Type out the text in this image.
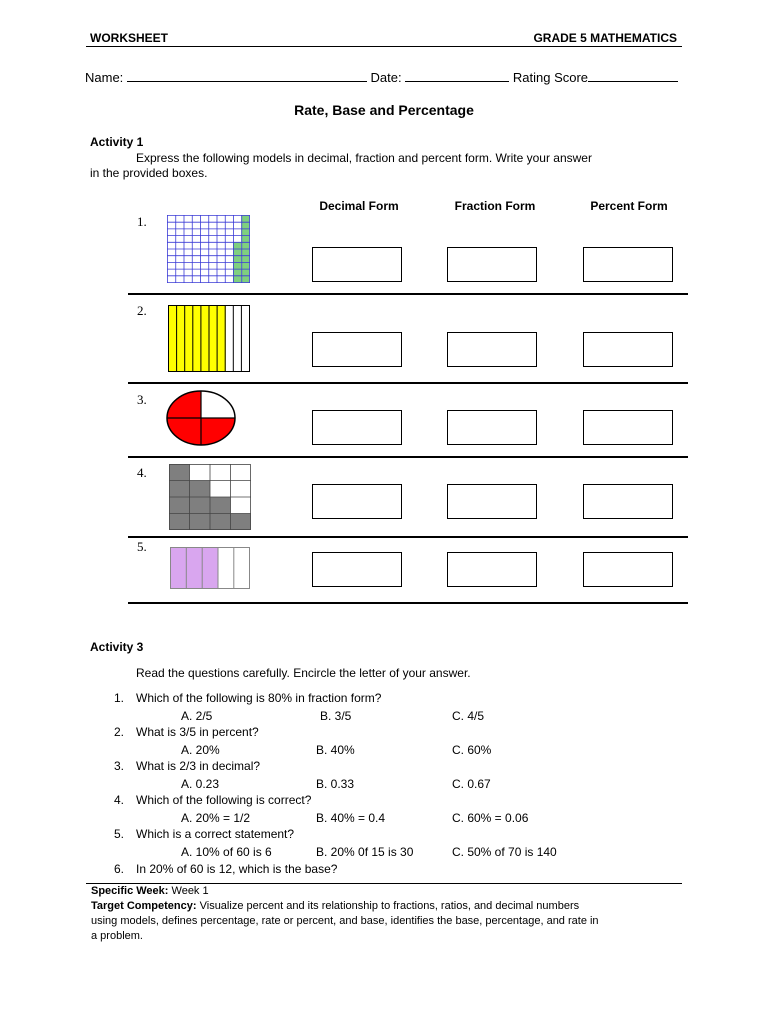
WORKSHEET	GRADE 5 MATHEMATICS
Name:	Date:	Rating Score
Rate, Base and Percentage
Activity 1
Express the following models in decimal, fraction and percent form. Write your answer
in the provided boxes.
Decimal Form	Fraction Form	Percent Form
1.
2.
3.
4.
5.
Activity 3
Read the questions carefully. Encircle the letter of your answer.
1. Which of the following is 80% in fraction form?
A. 2/5	B. 3/5	C. 4/5
2. What is 3/5 in percent?
A. 20%	B. 40%	C. 60%
3. What is 2/3 in decimal?
A. 0.23	B. 0.33	C. 0.67
4. Which of the following is correct?
A. 20% = 1/2	B. 40% = 0.4	C. 60% = 0.06
5. Which is a correct statement?
A. 10% of 60 is 6	B. 20% 0f 15 is 30	C. 50% of 70 is 140
6. In 20% of 60 is 12, which is the base?
Specific Week: Week 1
Target Competency: Visualize percent and its relationship to fractions, ratios, and decimal numbers
using models, defines percentage, rate or percent, and base, identifies the base, percentage, and rate in
a problem.
